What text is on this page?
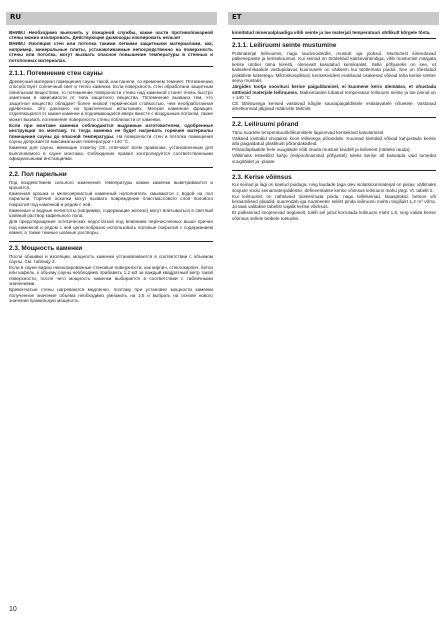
RU	ET

ВНИМ.! Необходимо выяснить у пожарной службы, какие части противопожарной стены можно изолировать. Действующие дымоходы изолировать нельзя!

ВНИМ.! Изоляция стен или потолка такими легкими защитными материалами, как, например, минеральные плиты, устанавливаемые непосредственно на поверхность стены или потолка, могут вызвать опасное повышение температуры в стенных и потолочных материалах.

2.1.1. Потемнение стен сауны

Древесный материал помещения сауны такой, как панели, со временем темнеет. Потемнению способствует солнечный свет и тепло каменки. Если поверхность стен обработана защитным панельным веществом, то потемнение поверхности стены над каменкой станет очень быстро заметным в зависимости от типа защитного вещества. Потемнение вызвано тем, что защитное вещество обладает более низкой термической стойкостью, чем необработанная древесина. Это доказано на практических испытаниях. Мелкая каменная фракция, отделяющаяся от камня каменки и поднимающаяся вверх вместе с воздушным потоком, также может вызвать потемнение поверхности стены поблизости от каменки.

Если при монтаже каменки соблюдаются выданные изготовителем, одобренные инструкции по монтажу, то тогда каменка не будет нагревать горючие материалы помещения сауны до опасной температуры. На поверхности стен и потолка помещения сауны допускается максимальная температура +140 °С.

Каменки для сауны, имеющие отметку СЕ, отвечают всем правилам, установленным для выполняемого в сауне монтажа. Соблюдение правил контролируется соответственными официальными инстанциями.

2.2. Пол парильни

Под воздействием сильного изменения температуры камни каменки выветриваются и крошатся.

Каменная крошка и мелкозернистый каменный наполнитель смываются с водой на пол парильни. Горячие осколки могут вызвать повреждение пластмассового слоя полового покрытия под каменкой и рядом с ней.

Каменные и водные нечистоты (например, содержащие железо) могут впитываться в светлый шовный раствор кафельного пола.

Для предотвращения эстетических недостатков под влиянием перечисленных выше причин под каменкой и рядом с ней целесообразно использовать половые покрытия с содержанием камня, а также темные шовные растворы.

2.3. Мощность каменки

После обшивки и изоляции, мощность каменки устанавливается в соответствии с объемом сауны. См. таблицу 2.

Если в сауне видны неизолированные стеновые поверхности, как кирпич, стеклокирпич, бетон или кафель, к объему сауны необходимо прибавить 1,2 м3 за каждый квадратный метр такой поверхности, после чего мощность каменки выбирается в соответствии с табличными значениями.

Бревенчатые стены нагреваются медленно, поэтому при установке мощности каменки полученное значение объема необходимо умножить на 1,5 и выбрать на основе нового значения правильную мощность.

kinnitatud mineraalplaadiga võib seinte ja lae materjali temperatuuri ohtlikult kõrgele tõsta.

2.1.1. Leiliruumi seinte mustumine

Puitmaterjal leiliruumis, nagu laudvooderdis, mustub aja jooksul. Mustumist kiirendavad päikesepaiste ja kerisekuumus. Kui seinad on töödeldud kaitsevahendiga, võib mustumist märgata kerise ümber üsna kiiresti, olenevalt kasutatud kemikaalist. Selle põhjuseks on see, et kaitsekemikaalide vastupidavus kuumusele on väiksem kui töötlemata puidul. See on tõestatud praktiliste katsetega. Mikroskoopilised, kerisekividest eralduvad osakesed võivad teha kerise ümber seina mustaks.

Järgides tootja soovitusi kerise paigaldamisel, ei kuumene keris ülemäära, et ohustada süttivaid materjale leiliruumis. Maksimaalne lubatud temperatuur leiliruumi seinte ja lae pinnal on + 140 °C.

CE tähistusega kerised vastavad kõigile saunapaigaldistele esitatavatele nõuetele. Vastavad ametkonnad jälgivad määruste täitmist.

2.2. Leiliruumi põrand

Tänu suurtele temperatuurikõikumistele lagunevad kerisekivid kasutamisel.

Väiksed kivitükid uhutakse koos leiliveega põrandale. Kuumad kivitükid võivad kahjustada kerise alla paigaldatud plastikust põrandakatteid.

Põrandaplaatide hele vuugitäide võib imada mustust kividelt ja leiliveest (näiteks rauda).

Vältimaks esteetilist kahju (eelpoolmainitud põhjustel) tuleks kerise all kasutada vaid tumedat vuugitäidet ja -plaate.

2.3. Kerise võimsus

Kui seinad ja lagi on kaetud puiduga, ning laudade taga olev isolatsioonmaterjal on piisav, vältimaks soojuse voolu seinamaterjalidesse, defineeritakse kerise võimsus leiliruumi mahu järgi. Vt. tabelit 2.

Kui leiliruumis on nähtavaid isoleerimata pindu, nagu tellisseinad, klaasplokid, betoon või keraamilised plaadid, suurendab iga ruutmeeter sellist pinda leiliruumi mahtu tingiliukt 1,2 m³ võrra. Ja taas valitakse tabelist vajalik kerise võimsus.

Et palkseinad soojenevad aeglaselt, tuleb sel juhul korrutada leiliruumi maht 1,5, ning valida kerise võimsus sellele teabele tuetudes.

10
